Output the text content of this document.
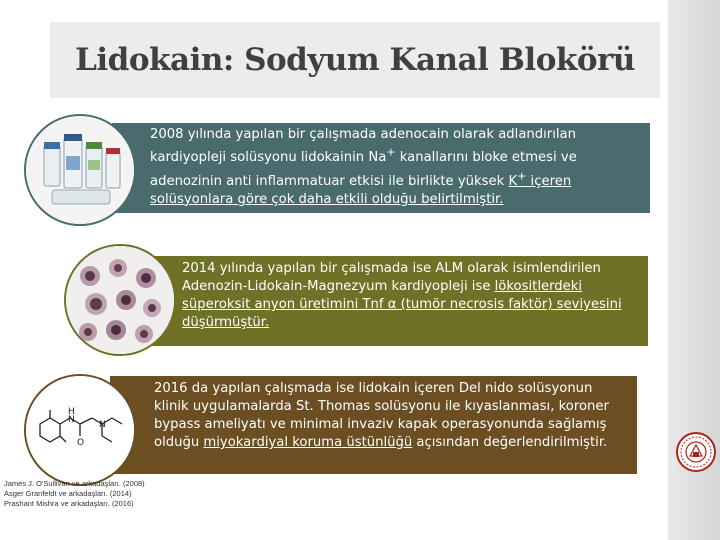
Lidokain: Sodyum Kanal Blokörü
2008 yılında yapılan bir çalışmada adenocain olarak adlandırılan kardiyopleji solüsyonu lidokainin Na+ kanallarını bloke etmesi ve adenozinin anti inflammatuar etkisi ile birlikte yüksek K+ içeren solüsyonlara göre çok daha etkili olduğu belirtilmiştir.
2014 yılında yapılan bir çalışmada ise ALM olarak isimlendirilen Adenozin-Lidokain-Magnezyum kardiyopleji ise lökositlerdeki süperoksit anyon üretimini Tnf α (tumör necrosis faktör) seviyesini düşürmüştür.
2016 da yapılan çalışmada ise lidokain içeren Del nido solüsyonun klinik uygulamalarda St. Thomas solüsyonu ile kıyaslanması, koroner bypass ameliyatı ve minimal invaziv kapak operasyonunda sağlamış olduğu miyokardiyal koruma üstünlüğü açısından değerlendirilmiştir.
H
N
O
N
James J. O'Sullivan ve arkadaşları. (2008)
Asger Granfeldt ve arkadaşları. (2014)
Prashant Mishra ve arkadaşları. (2016)
